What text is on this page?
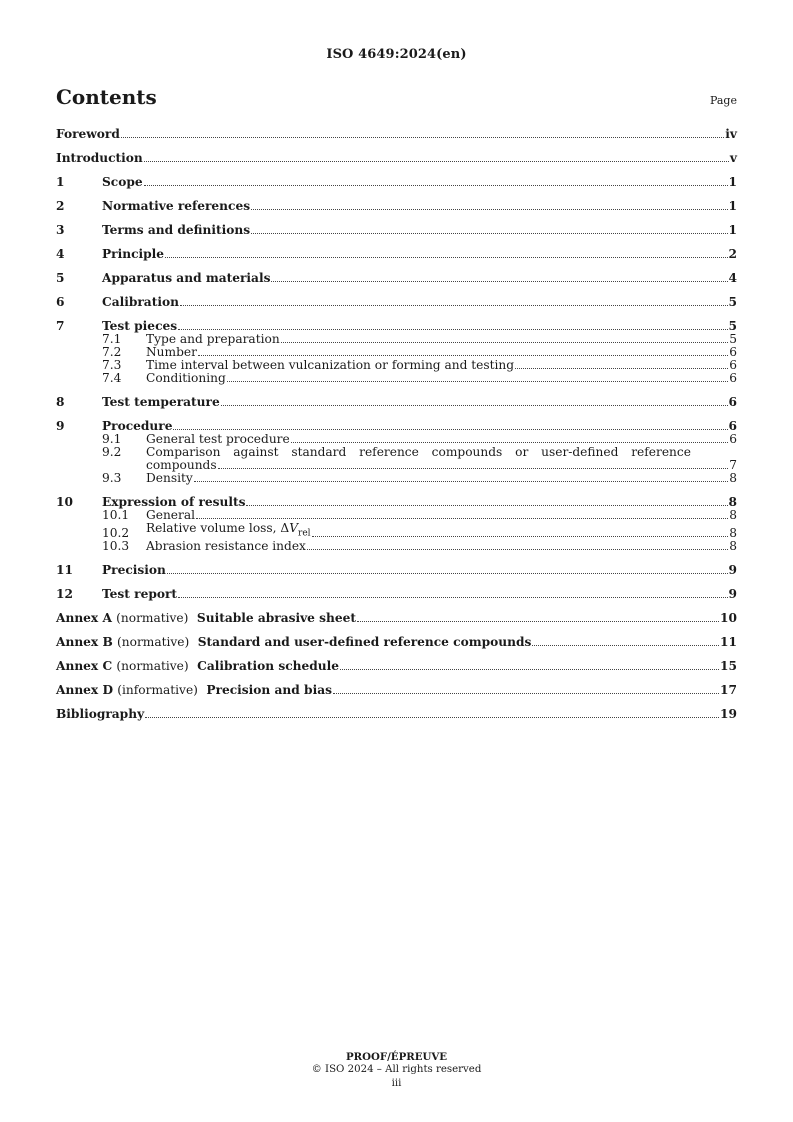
ISO 4649:2024(en)
Contents	Page
Foreword	iv
Introduction	v
1	Scope	1
2	Normative references	1
3	Terms and definitions	1
4	Principle	2
5	Apparatus and materials	4
6	Calibration	5
7	Test pieces	5
7.1	Type and preparation	5
7.2	Number	6
7.3	Time interval between vulcanization or forming and testing	6
7.4	Conditioning	6
8	Test temperature	6
9	Procedure	6
9.1	General test procedure	6
9.2	Comparison against standard reference compounds or user-defined reference
compounds	7
9.3	Density	8
10	Expression of results	8
10.1	General	8
10.2	Relative volume loss, $\Delta V_{rel}$	8
10.3	Abrasion resistance index	8
11	Precision	9
12	Test report	9
Annex A (normative) Suitable abrasive sheet	10
Annex B (normative) Standard and user-defined reference compounds	11
Annex C (normative) Calibration schedule	15
Annex D (informative) Precision and bias	17
Bibliography	19
PROOF/ÉPREUVE
© ISO 2024 – All rights reserved
iii
